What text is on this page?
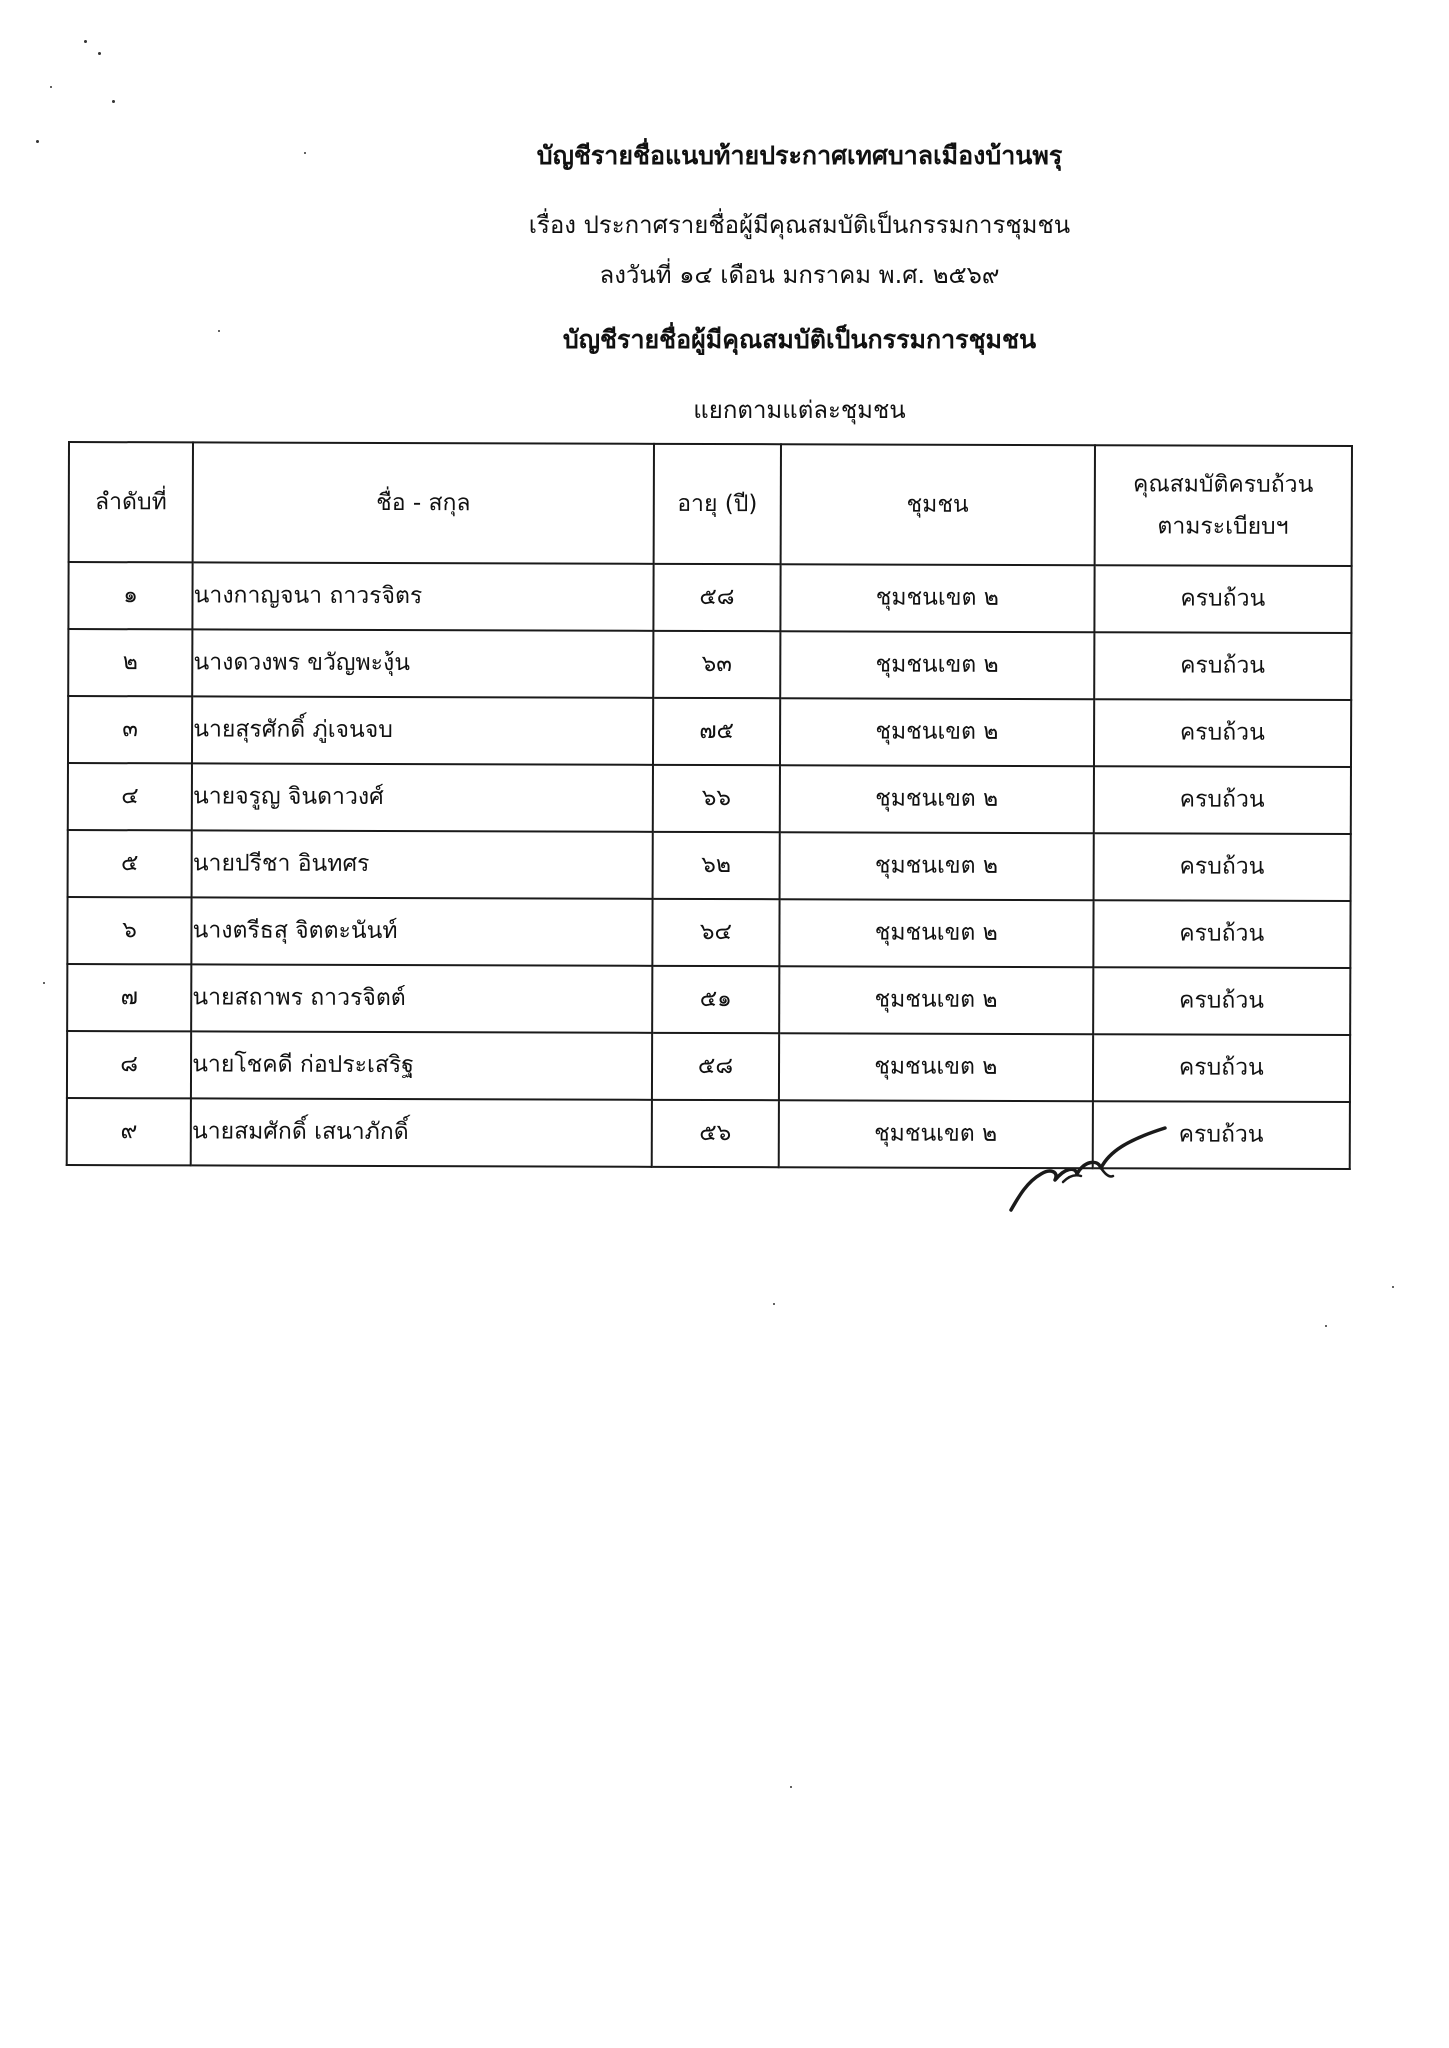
บัญชีรายชื่อแนบท้ายประกาศเทศบาลเมืองบ้านพรุ
เรื่อง ประกาศรายชื่อผู้มีคุณสมบัติเป็นกรรมการชุมชน
ลงวันที่ ๑๔ เดือน มกราคม พ.ศ. ๒๕๖๙
บัญชีรายชื่อผู้มีคุณสมบัติเป็นกรรมการชุมชน
แยกตามแต่ละชุมชน
ลำดับที่	ชื่อ - สกุล	อายุ (ปี)	ชุมชน	คุณสมบัติครบถ้วน
ตามระเบียบฯ

๑	นางกาญจนา ถาวรจิตร	๕๘	ชุมชนเขต ๒	ครบถ้วน
๒	นางดวงพร ขวัญพะงุ้น	๖๓	ชุมชนเขต ๒	ครบถ้วน
๓	นายสุรศักดิ์ ภู่เจนจบ	๗๕	ชุมชนเขต ๒	ครบถ้วน
๔	นายจรูญ จินดาวงศ์	๖๖	ชุมชนเขต ๒	ครบถ้วน
๕	นายปรีชา อินทศร	๖๒	ชุมชนเขต ๒	ครบถ้วน
๖	นางตรีธสุ จิตตะนันท์	๖๔	ชุมชนเขต ๒	ครบถ้วน
๗	นายสถาพร ถาวรจิตต์	๕๑	ชุมชนเขต ๒	ครบถ้วน
๘	นายโชคดี ก่อประเสริฐ	๕๘	ชุมชนเขต ๒	ครบถ้วน
๙	นายสมศักดิ์ เสนาภักดิ์	๕๖	ชุมชนเขต ๒	ครบถ้วน
